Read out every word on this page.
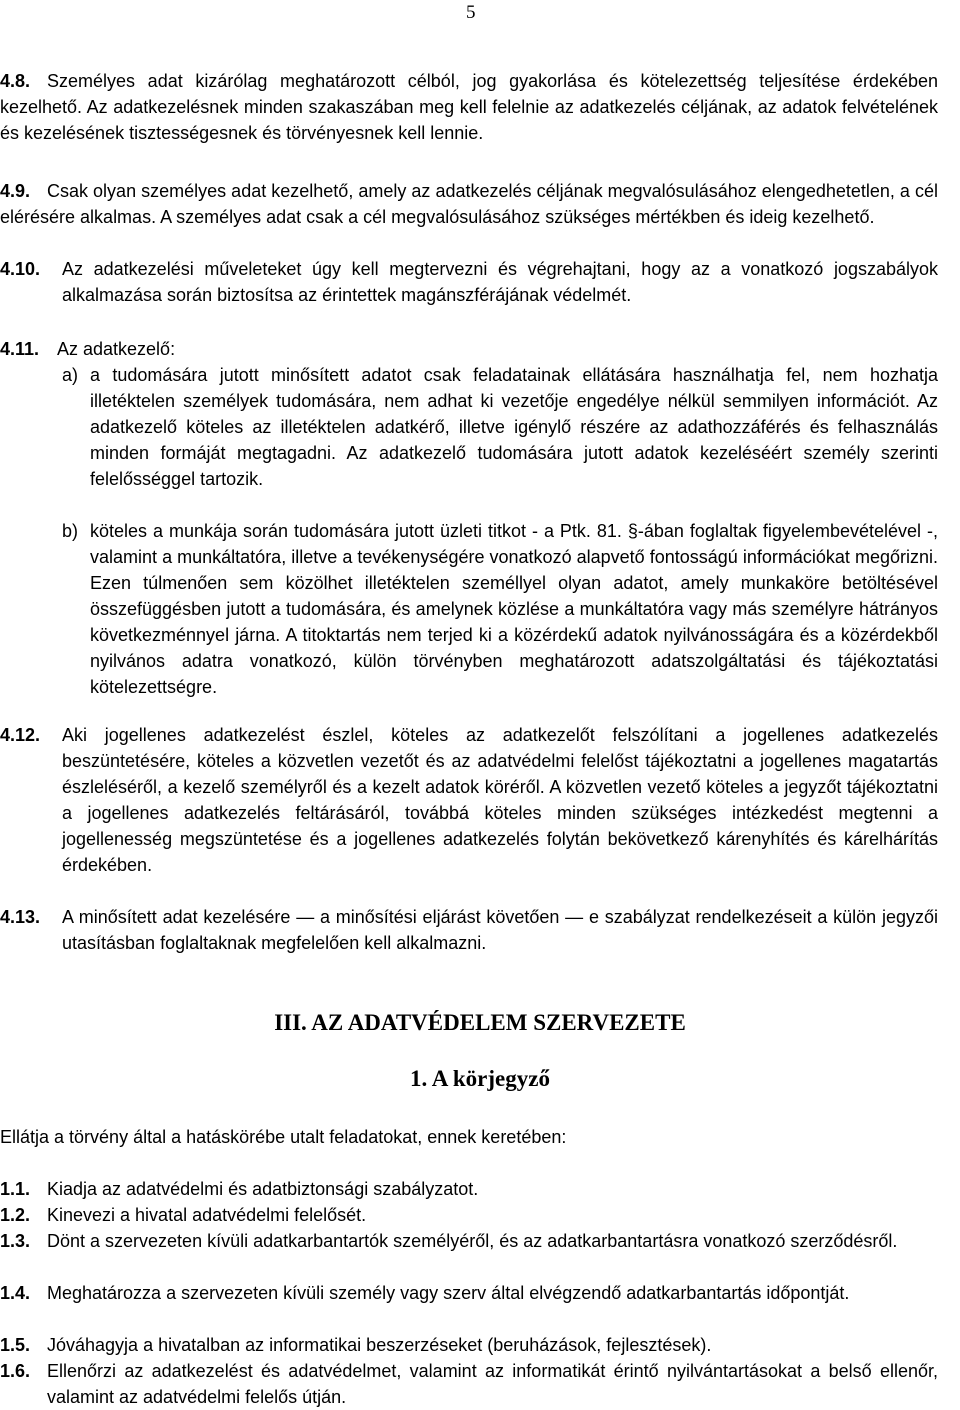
5
4.8. Személyes adat kizárólag meghatározott célból, jog gyakorlása és kötelezettség teljesítése érdekében kezelhető. Az adatkezelésnek minden szakaszában meg kell felelnie az adatkezelés céljának, az adatok felvételének és kezelésének tisztességesnek és törvényesnek kell lennie.
4.9. Csak olyan személyes adat kezelhető, amely az adatkezelés céljának megvalósulásához elengedhetetlen, a cél elérésére alkalmas. A személyes adat csak a cél megvalósulásához szükséges mértékben és ideig kezelhető.
4.10. Az adatkezelési műveleteket úgy kell megtervezni és végrehajtani, hogy az a vonatkozó jogszabályok alkalmazása során biztosítsa az érintettek magánszférájának védelmét.
4.11. Az adatkezelő:
a) a tudomására jutott minősített adatot csak feladatainak ellátására használhatja fel, nem hozhatja illetéktelen személyek tudomására, nem adhat ki vezetője engedélye nélkül semmilyen információt. Az adatkezelő köteles az illetéktelen adatkérő, illetve igénylő részére az adathozzáférés és felhasználás minden formáját megtagadni. Az adatkezelő tudomására jutott adatok kezeléséért személy szerinti felelősséggel tartozik.
b) köteles a munkája során tudomására jutott üzleti titkot - a Ptk. 81. §-ában foglaltak figyelembevételével -, valamint a munkáltatóra, illetve a tevékenységére vonatkozó alapvető fontosságú információkat megőrizni. Ezen túlmenően sem közölhet illetéktelen személlyel olyan adatot, amely munkaköre betöltésével összefüggésben jutott a tudomására, és amelynek közlése a munkáltatóra vagy más személyre hátrányos következménnyel járna. A titoktartás nem terjed ki a közérdekű adatok nyilvánosságára és a közérdekből nyilvános adatra vonatkozó, külön törvényben meghatározott adatszolgáltatási és tájékoztatási kötelezettségre.
4.12. Aki jogellenes adatkezelést észlel, köteles az adatkezelőt felszólítani a jogellenes adatkezelés beszüntetésére, köteles a közvetlen vezetőt és az adatvédelmi felelőst tájékoztatni a jogellenes magatartás észleléséről, a kezelő személyről és a kezelt adatok köréről. A közvetlen vezető köteles a jegyzőt tájékoztatni a jogellenes adatkezelés feltárásáról, továbbá köteles minden szükséges intézkedést megtenni a jogellenesség megszüntetése és a jogellenes adatkezelés folytán bekövetkező kárenyhítés és kárelhárítás érdekében.
4.13. A minősített adat kezelésére — a minősítési eljárást követően — e szabályzat rendelkezéseit a külön jegyzői utasításban foglaltaknak megfelelően kell alkalmazni.
III. AZ ADATVÉDELEM SZERVEZETE
1. A körjegyző
Ellátja a törvény által a hatáskörébe utalt feladatokat, ennek keretében:
1.1. Kiadja az adatvédelmi és adatbiztonsági szabályzatot.
1.2. Kinevezi a hivatal adatvédelmi felelősét.
1.3. Dönt a szervezeten kívüli adatkarbantartók személyéről, és az adatkarbantartásra vonatkozó szerződésről.
1.4. Meghatározza a szervezeten kívüli személy vagy szerv által elvégzendő adatkarbantartás időpontját.
1.5. Jóváhagyja a hivatalban az informatikai beszerzéseket (beruházások, fejlesztések).
1.6. Ellenőrzi az adatkezelést és adatvédelmet, valamint az informatikát érintő nyilvántartásokat a belső ellenőr, valamint az adatvédelmi felelős útján.
